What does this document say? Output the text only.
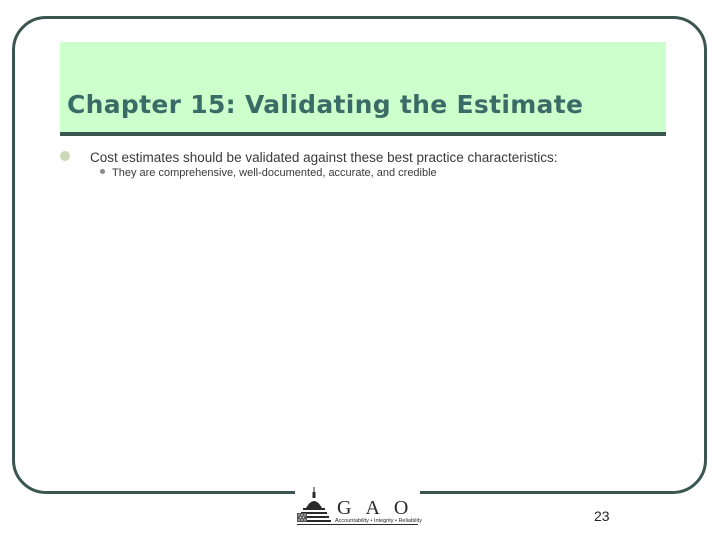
Chapter 15: Validating the Estimate
Cost estimates should be validated against these best practice characteristics:
They are comprehensive, well-documented, accurate, and credible
G A O
Accountability • Integrity • Reliability	23
